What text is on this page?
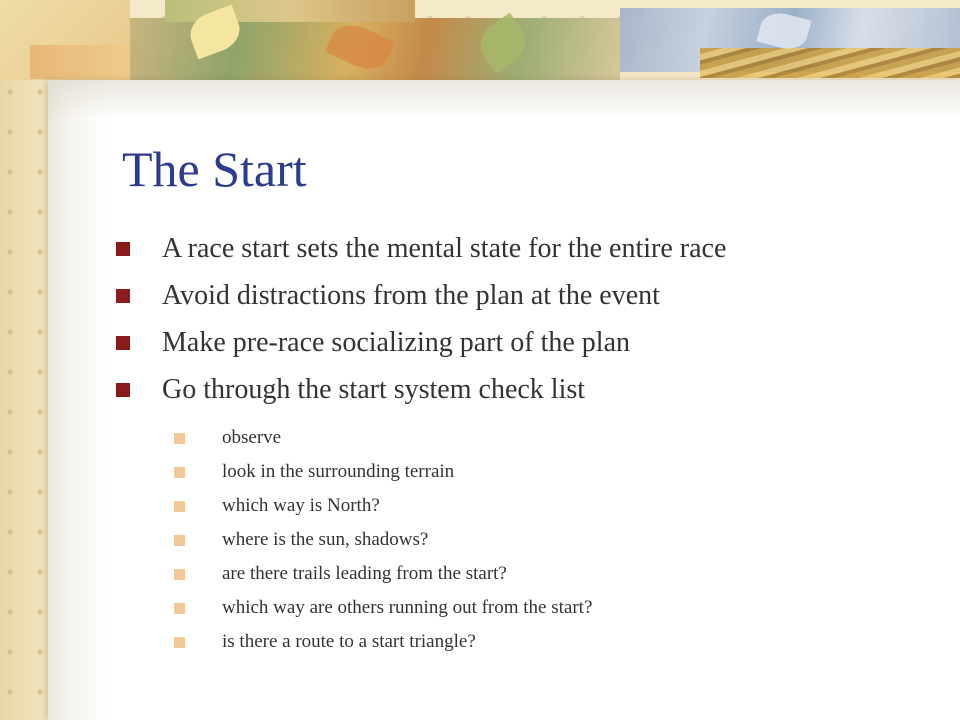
The Start
A race start sets the mental state for the entire race
Avoid distractions from the plan at the event
Make pre-race socializing part of the plan
Go through the start system check list
observe
look in the surrounding terrain
which way is North?
where is the sun, shadows?
are there trails leading from the start?
which way are others running out from the start?
is there a route to a start triangle?
